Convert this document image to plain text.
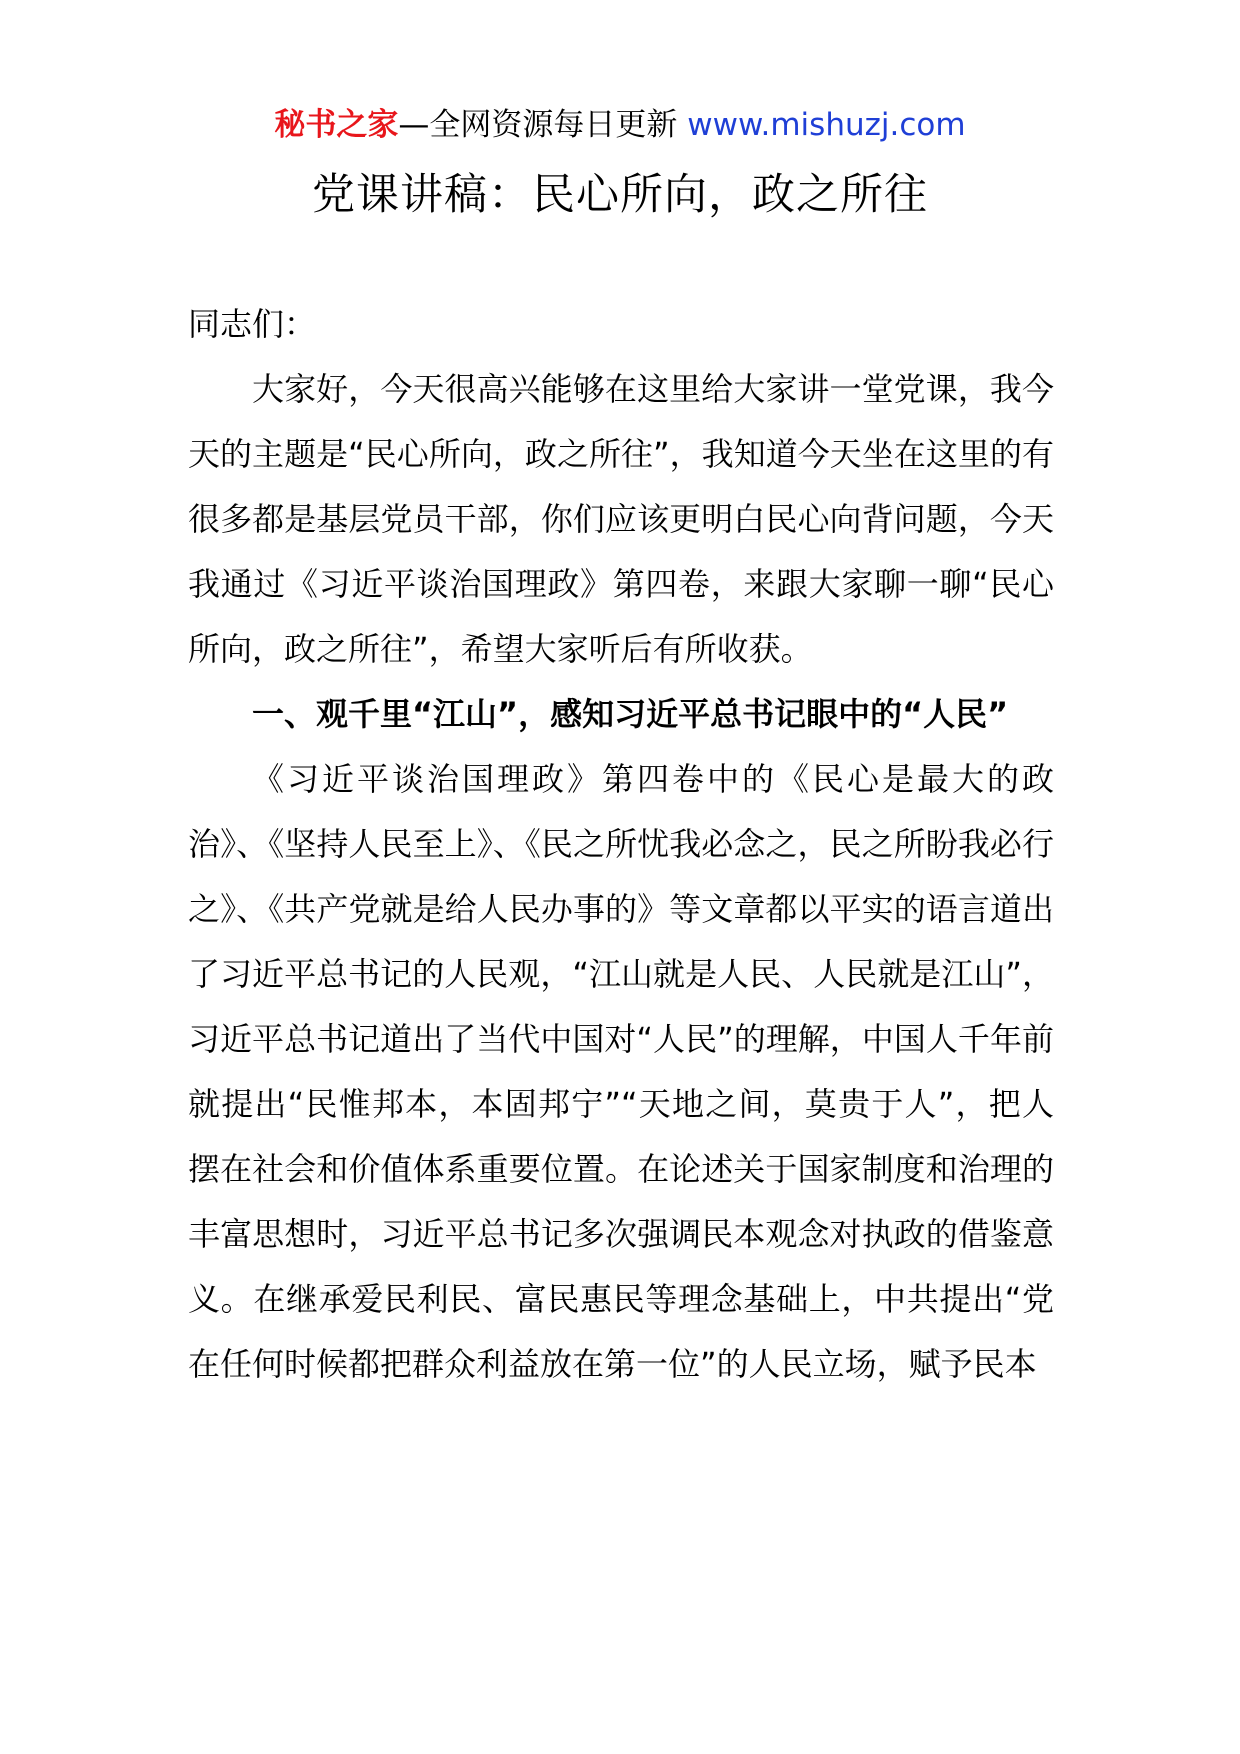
秘书之家—全网资源每日更新 www.mishuzj.com
党课讲稿：民心所向，政之所往

同志们：

大家好，今天很高兴能够在这里给大家讲一堂党课，我今天的主题是“民心所向，政之所往”，我知道今天坐在这里的有很多都是基层党员干部，你们应该更明白民心向背问题，今天我通过《习近平谈治国理政》第四卷，来跟大家聊一聊“民心所向，政之所往”，希望大家听后有所收获。

一、观千里“江山”，感知习近平总书记眼中的“人民”

《习近平谈治国理政》第四卷中的《民心是最大的政治》、《坚持人民至上》、《民之所忧我必念之，民之所盼我必行之》、《共产党就是给人民办事的》等文章都以平实的语言道出了习近平总书记的人民观，“江山就是人民、人民就是江山”，习近平总书记道出了当代中国对“人民”的理解，中国人千年前就提出“民惟邦本，本固邦宁”“天地之间，莫贵于人”，把人摆在社会和价值体系重要位置。在论述关于国家制度和治理的丰富思想时，习近平总书记多次强调民本观念对执政的借鉴意义。在继承爱民利民、富民惠民等理念基础上，中共提出“党在任何时候都把群众利益放在第一位”的人民立场，赋予民本
